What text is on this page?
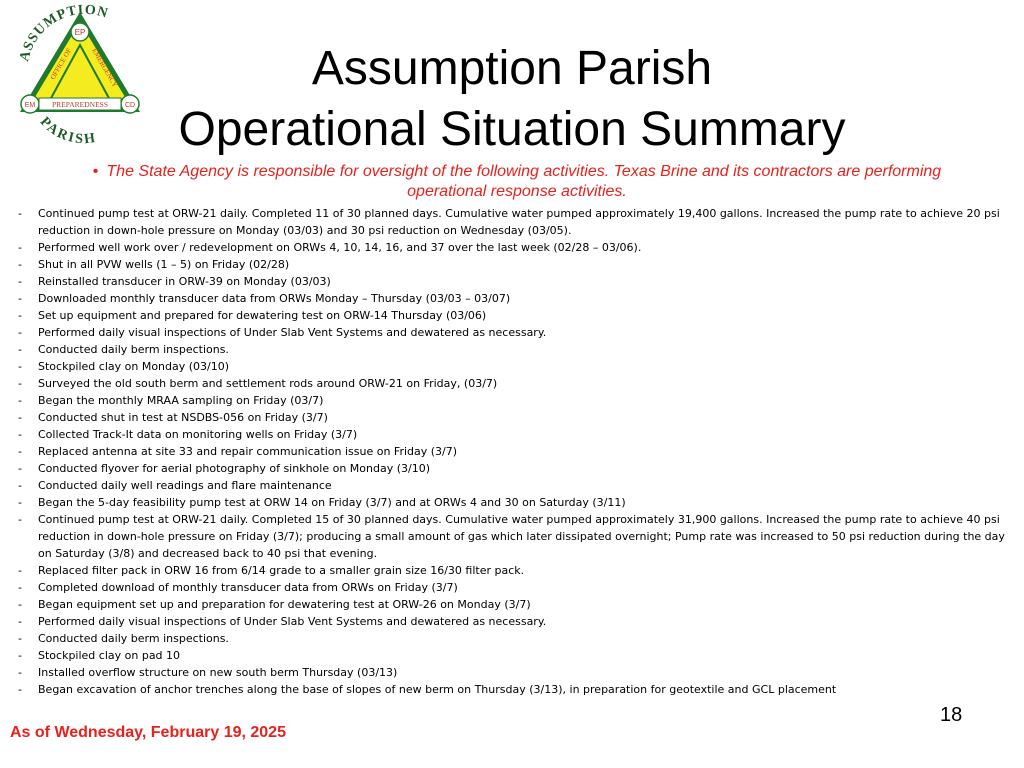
EP
EM	CD
PREPAREDNESS
OFFICE OF EMERGENCY
ASSUMPTION
PARISH
Assumption Parish
Operational Situation Summary
• The State Agency is responsible for oversight of the following activities. Texas Brine and its contractors are performing operational response activities.
- Continued pump test at ORW-21 daily. Completed 11 of 30 planned days. Cumulative water pumped approximately 19,400 gallons. Increased the pump rate to achieve 20 psi reduction in down-hole pressure on Monday (03/03) and 30 psi reduction on Wednesday (03/05).
- Performed well work over / redevelopment on ORWs 4, 10, 14, 16, and 37 over the last week (02/28 – 03/06).
- Shut in all PVW wells (1 – 5) on Friday (02/28)
- Reinstalled transducer in ORW-39 on Monday (03/03)
- Downloaded monthly transducer data from ORWs Monday – Thursday (03/03 – 03/07)
- Set up equipment and prepared for dewatering test on ORW-14 Thursday (03/06)
- Performed daily visual inspections of Under Slab Vent Systems and dewatered as necessary.
- Conducted daily berm inspections.
- Stockpiled clay on Monday (03/10)
- Surveyed the old south berm and settlement rods around ORW-21 on Friday, (03/7)
- Began the monthly MRAA sampling on Friday (03/7)
- Conducted shut in test at NSDBS-056 on Friday (3/7)
- Collected Track-It data on monitoring wells on Friday (3/7)
- Replaced antenna at site 33 and repair communication issue on Friday (3/7)
- Conducted flyover for aerial photography of sinkhole on Monday (3/10)
- Conducted daily well readings and flare maintenance
- Began the 5-day feasibility pump test at ORW 14 on Friday (3/7) and at ORWs 4 and 30 on Saturday (3/11)
- Continued pump test at ORW-21 daily. Completed 15 of 30 planned days. Cumulative water pumped approximately 31,900 gallons. Increased the pump rate to achieve 40 psi reduction in down-hole pressure on Friday (3/7); producing a small amount of gas which later dissipated overnight; Pump rate was increased to 50 psi reduction during the day on Saturday (3/8) and decreased back to 40 psi that evening.
- Replaced filter pack in ORW 16 from 6/14 grade to a smaller grain size 16/30 filter pack.
- Completed download of monthly transducer data from ORWs on Friday (3/7)
- Began equipment set up and preparation for dewatering test at ORW-26 on Monday (3/7)
- Performed daily visual inspections of Under Slab Vent Systems and dewatered as necessary.
- Conducted daily berm inspections.
- Stockpiled clay on pad 10
- Installed overflow structure on new south berm Thursday (03/13)
- Began excavation of anchor trenches along the base of slopes of new berm on Thursday (3/13), in preparation for geotextile and GCL placement
18
As of Wednesday, February 19, 2025
